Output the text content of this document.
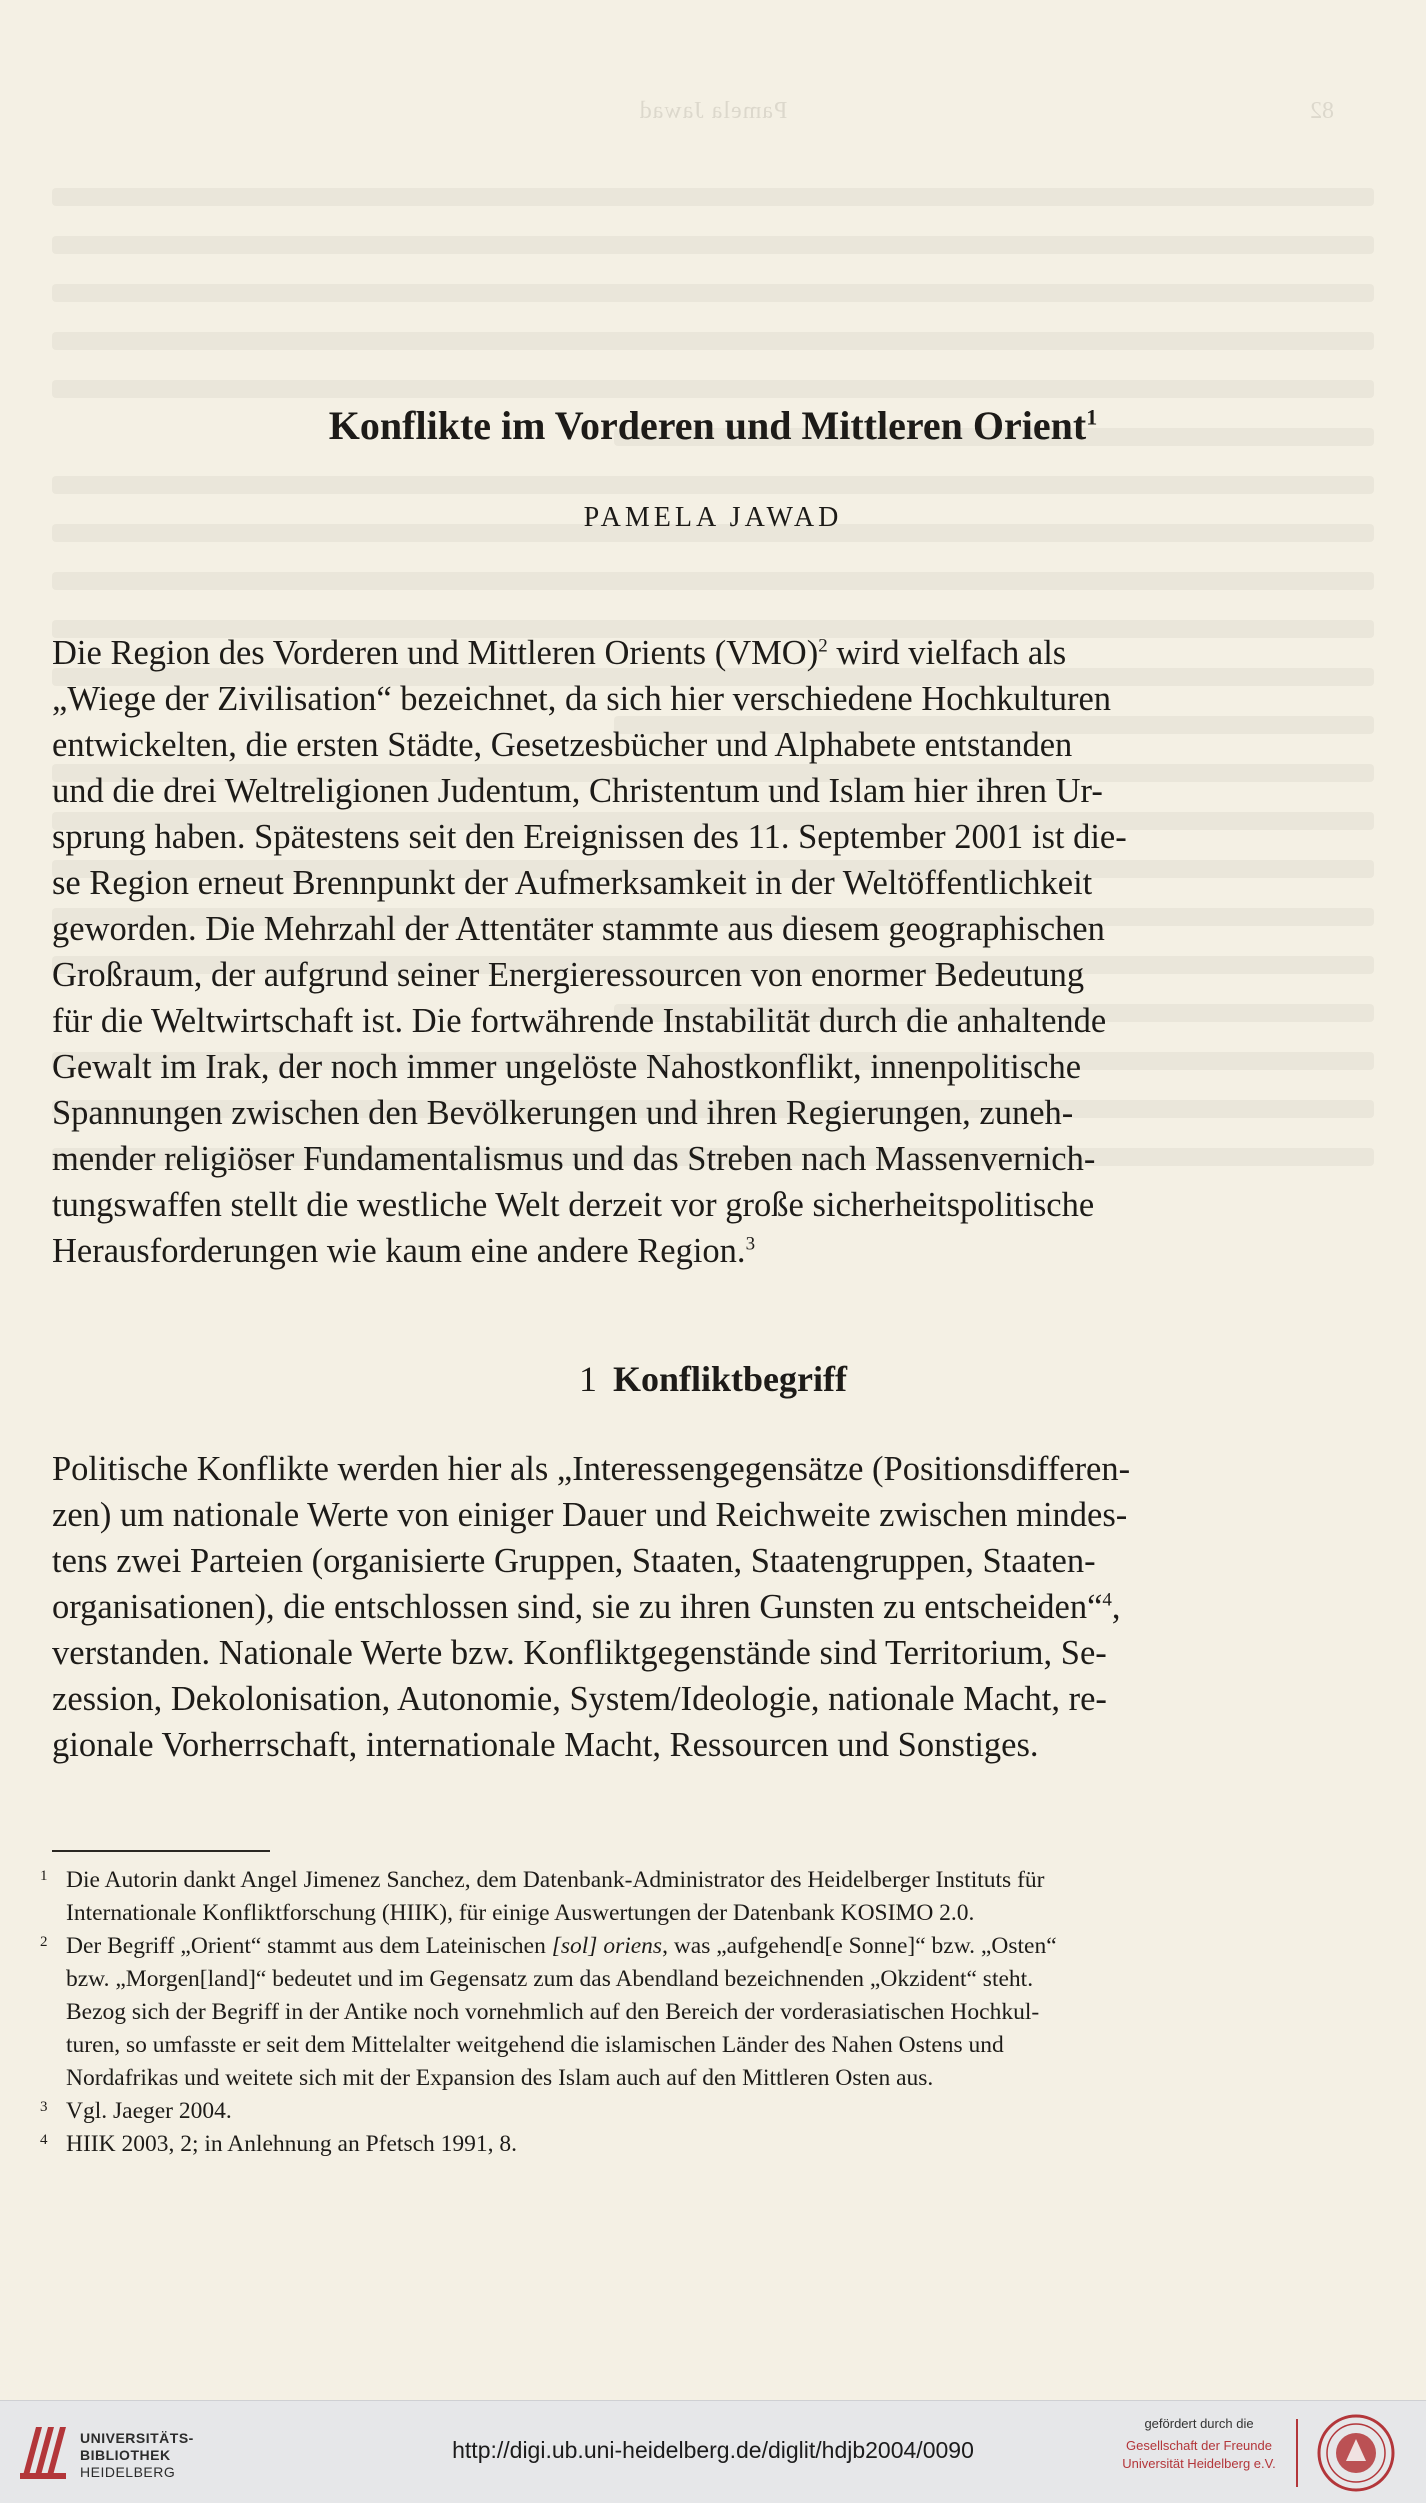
Pamela Jawad	82
Konflikte im Vorderen und Mittleren Orient$^1$
PAMELA JAWAD

Die Region des Vorderen und Mittleren Orients (VMO)$^2$ wird vielfach als
„Wiege der Zivilisation“ bezeichnet, da sich hier verschiedene Hochkulturen
entwickelten, die ersten Städte, Gesetzesbücher und Alphabete entstanden
und die drei Weltreligionen Judentum, Christentum und Islam hier ihren Ur-
sprung haben. Spätestens seit den Ereignissen des 11. September 2001 ist die-
se Region erneut Brennpunkt der Aufmerksamkeit in der Weltöffentlichkeit
geworden. Die Mehrzahl der Attentäter stammte aus diesem geographischen
Großraum, der aufgrund seiner Energieressourcen von enormer Bedeutung
für die Weltwirtschaft ist. Die fortwährende Instabilität durch die anhaltende
Gewalt im Irak, der noch immer ungelöste Nahostkonflikt, innenpolitische
Spannungen zwischen den Bevölkerungen und ihren Regierungen, zuneh-
mender religiöser Fundamentalismus und das Streben nach Massenvernich-
tungswaffen stellt die westliche Welt derzeit vor große sicherheitspolitische
Herausforderungen wie kaum eine andere Region.$^3$

1 Konfliktbegriff

Politische Konflikte werden hier als „Interessengegensätze (Positionsdifferen-
zen) um nationale Werte von einiger Dauer und Reichweite zwischen mindes-
tens zwei Parteien (organisierte Gruppen, Staaten, Staatengruppen, Staaten-
organisationen), die entschlossen sind, sie zu ihren Gunsten zu entscheiden“$^4$,
verstanden. Nationale Werte bzw. Konfliktgegenstände sind Territorium, Se-
zession, Dekolonisation, Autonomie, System/Ideologie, nationale Macht, re-
gionale Vorherrschaft, internationale Macht, Ressourcen und Sonstiges.

1 Die Autorin dankt Angel Jimenez Sanchez, dem Datenbank-Administrator des Heidelberger Instituts für
Internationale Konfliktforschung (HIIK), für einige Auswertungen der Datenbank KOSIMO 2.0.
2 Der Begriff „Orient“ stammt aus dem Lateinischen [sol] oriens, was „aufgehend[e Sonne]“ bzw. „Osten“
bzw. „Morgen[land]“ bedeutet und im Gegensatz zum das Abendland bezeichnenden „Okzident“ steht.
Bezog sich der Begriff in der Antike noch vornehmlich auf den Bereich der vorderasiatischen Hochkul-
turen, so umfasste er seit dem Mittelalter weitgehend die islamischen Länder des Nahen Ostens und
Nordafrikas und weitete sich mit der Expansion des Islam auch auf den Mittleren Osten aus.
3 Vgl. Jaeger 2004.
4 HIIK 2003, 2; in Anlehnung an Pfetsch 1991, 8.
UNIVERSITÄTS-
BIBLIOTHEK
HEIDELBERG
http://digi.ub.uni-heidelberg.de/diglit/hdjb2004/0090
gefördert durch die
Gesellschaft der Freunde
Universität Heidelberg e.V.
